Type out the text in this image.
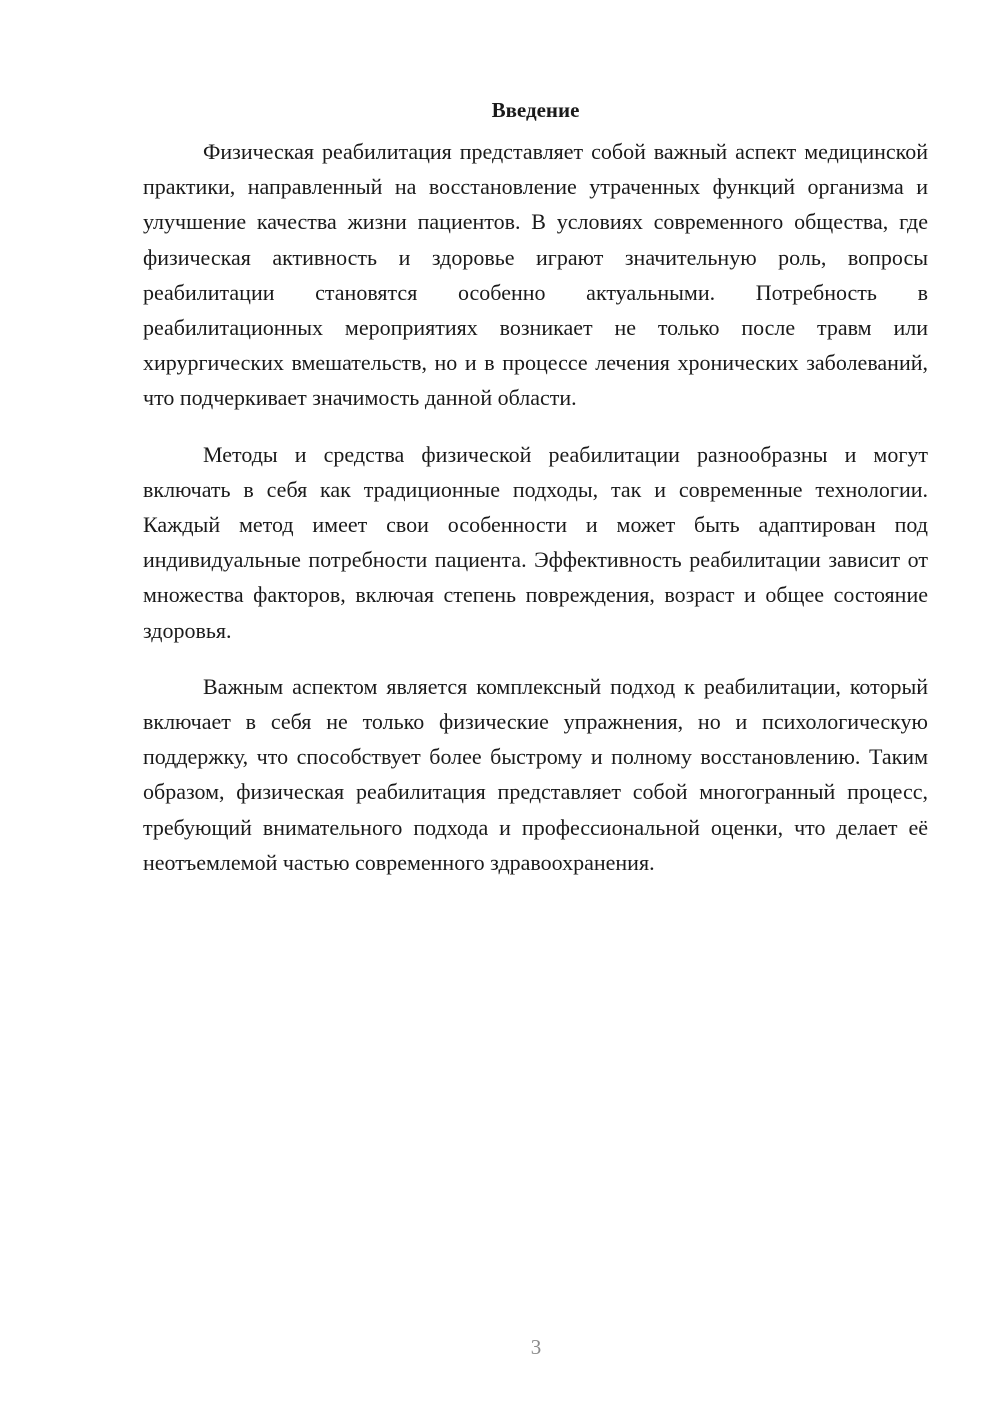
Введение

Физическая реабилитация представляет собой важный аспект медицинской практики, направленный на восстановление утраченных функций организма и улучшение качества жизни пациентов. В условиях современного общества, где физическая активность и здоровье играют значительную роль, вопросы реабилитации становятся особенно актуальными. Потребность в реабилитационных мероприятиях возникает не только после травм или хирургических вмешательств, но и в процессе лечения хронических заболеваний, что подчеркивает значимость данной области.

Методы и средства физической реабилитации разнообразны и могут включать в себя как традиционные подходы, так и современные технологии. Каждый метод имеет свои особенности и может быть адаптирован под индивидуальные потребности пациента. Эффективность реабилитации зависит от множества факторов, включая степень повреждения, возраст и общее состояние здоровья.

Важным аспектом является комплексный подход к реабилитации, который включает в себя не только физические упражнения, но и психологическую поддержку, что способствует более быстрому и полному восстановлению. Таким образом, физическая реабилитация представляет собой многогранный процесс, требующий внимательного подхода и профессиональной оценки, что делает её неотъемлемой частью современного здравоохранения.

3
